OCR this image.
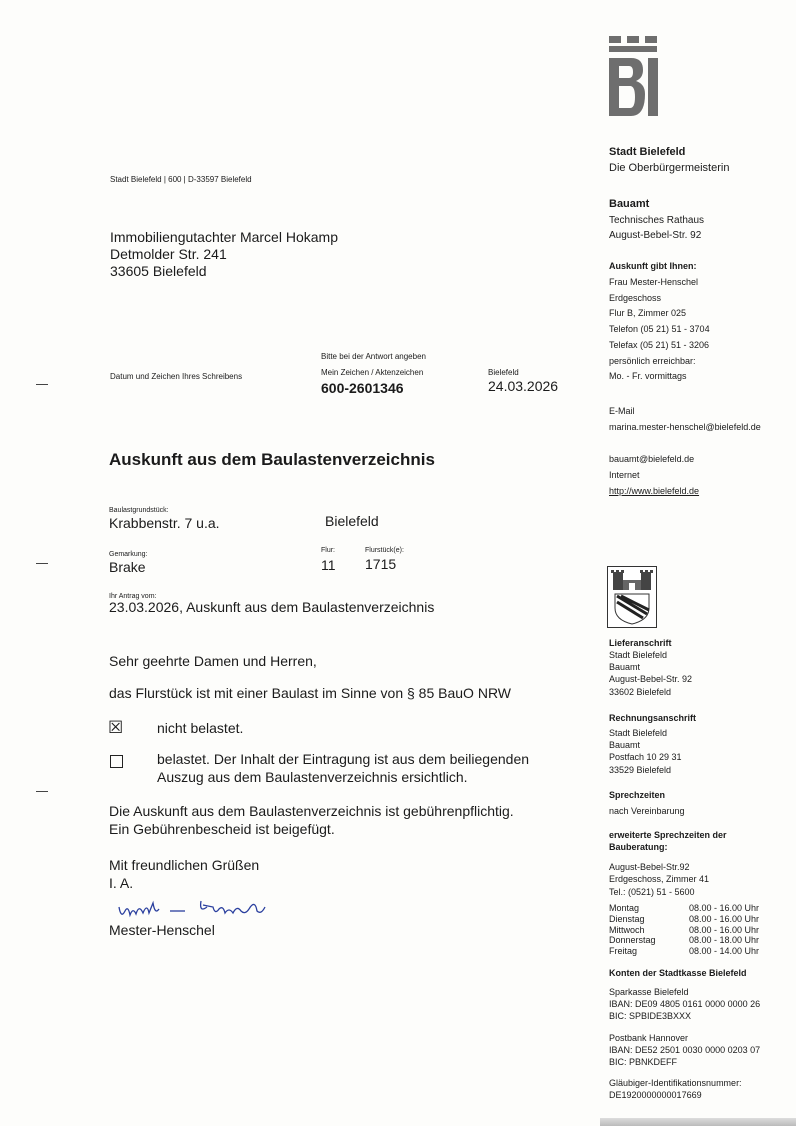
Stadt Bielefeld | 600 | D-33597 Bielefeld
Immobiliengutachter Marcel Hokamp
Detmolder Str. 241
33605 Bielefeld
Datum und Zeichen Ihres Schreibens
Bitte bei der Antwort angeben
Mein Zeichen / Aktenzeichen
600-2601346
Bielefeld
24.03.2026
Auskunft aus dem Baulastenverzeichnis
Baulastgrundstück:
Krabbenstr. 7 u.a.	Bielefeld
Gemarkung:
Brake
Flur:
11
Flurstück(e):
1715
Ihr Antrag vom:
23.03.2026, Auskunft aus dem Baulastenverzeichnis
Sehr geehrte Damen und Herren,
das Flurstück ist mit einer Baulast im Sinne von § 85 BauO NRW
☒ nicht belastet.
belastet. Der Inhalt der Eintragung ist aus dem beiliegenden
Auszug aus dem Baulastenverzeichnis ersichtlich.
Die Auskunft aus dem Baulastenverzeichnis ist gebührenpflichtig.
Ein Gebührenbescheid ist beigefügt.
Mit freundlichen Grüßen
I. A.
Mester-Henschel
Stadt Bielefeld
Die Oberbürgermeisterin
Bauamt
Technisches Rathaus
August-Bebel-Str. 92
Auskunft gibt Ihnen:
Frau Mester-Henschel
Erdgeschoss
Flur B, Zimmer 025
Telefon (05 21) 51 - 3704
Telefax (05 21) 51 - 3206
persönlich erreichbar:
Mo. - Fr. vormittags
E-Mail
marina.mester-henschel@bielefeld.de
bauamt@bielefeld.de
Internet
http://www.bielefeld.de
Lieferanschrift
Stadt Bielefeld
Bauamt
August-Bebel-Str. 92
33602 Bielefeld
Rechnungsanschrift
Stadt Bielefeld
Bauamt
Postfach 10 29 31
33529 Bielefeld
Sprechzeiten
nach Vereinbarung
erweiterte Sprechzeiten der
Bauberatung:
August-Bebel-Str.92
Erdgeschoss, Zimmer 41
Tel.: (0521) 51 - 5600
Montag	08.00 - 16.00 Uhr
Dienstag	08.00 - 16.00 Uhr
Mittwoch	08.00 - 16.00 Uhr
Donnerstag	08.00 - 18.00 Uhr
Freitag	08.00 - 14.00 Uhr
Konten der Stadtkasse Bielefeld
Sparkasse Bielefeld
IBAN: DE09 4805 0161 0000 0000 26
BIC: SPBIDE3BXXX
Postbank Hannover
IBAN: DE52 2501 0030 0000 0203 07
BIC: PBNKDEFF
Gläubiger-Identifikationsnummer:
DE1920000000017669
